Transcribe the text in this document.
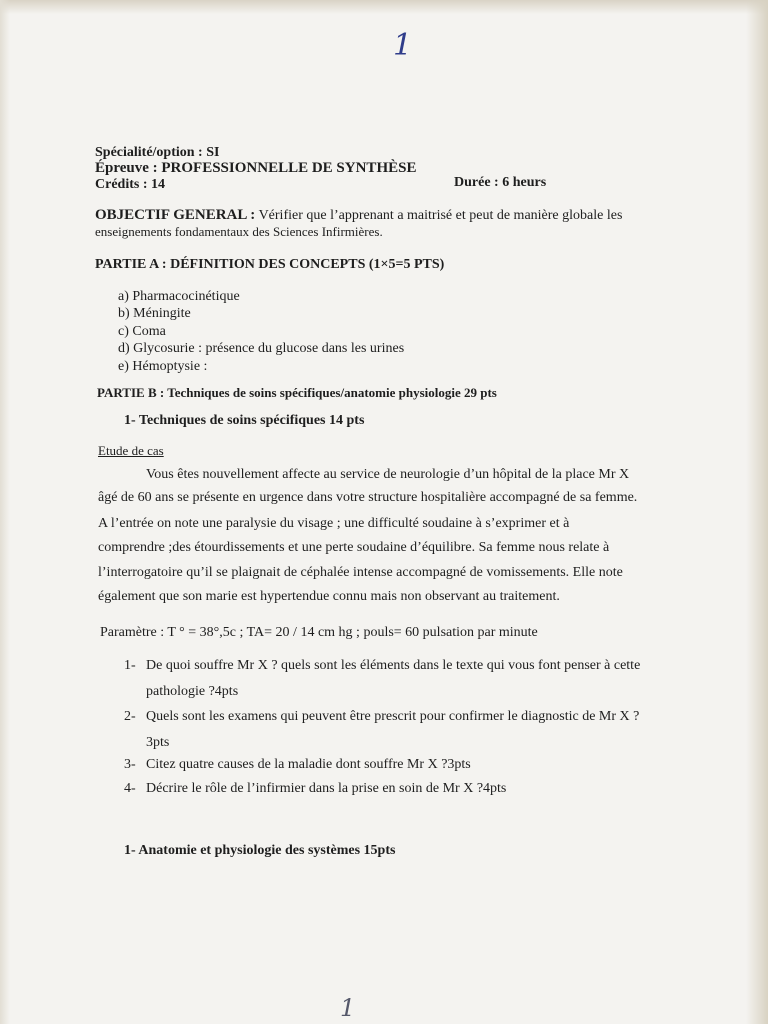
1
Spécialité/option : SI
Épreuve : PROFESSIONNELLE DE SYNTHÈSE
Crédits : 14	Durée : 6 heurs
OBJECTIF GENERAL : Vérifier que l’apprenant a maitrisé et peut de manière globale les
enseignements fondamentaux des Sciences Infirmières.
PARTIE A : DÉFINITION DES CONCEPTS (1×5=5 PTS)
a) Pharmacocinétique
b) Méningite
c) Coma
d) Glycosurie : présence du glucose dans les urines
e) Hémoptysie :
PARTIE B : Techniques de soins spécifiques/anatomie physiologie 29 pts
1- Techniques de soins spécifiques 14 pts
Etude de cas
Vous êtes nouvellement affecte au service de neurologie d’un hôpital de la place Mr X
âgé de 60 ans se présente en urgence dans votre structure hospitalière accompagné de sa femme.
A l’entrée on note une paralysie du visage ; une difficulté soudaine à s’exprimer et à
comprendre ;des étourdissements et une perte soudaine d’équilibre. Sa femme nous relate à
l’interrogatoire qu’il se plaignait de céphalée intense accompagné de vomissements. Elle note
également que son marie est hypertendue connu mais non observant au traitement.
Paramètre : T ° = 38°,5c ; TA= 20 / 14 cm hg ; pouls= 60 pulsation par minute
1- De quoi souffre Mr X ? quels sont les éléments dans le texte qui vous font penser à cette
pathologie ?4pts
2- Quels sont les examens qui peuvent être prescrit pour confirmer le diagnostic de Mr X ?
3pts
3- Citez quatre causes de la maladie dont souffre Mr X ?3pts
4- Décrire le rôle de l’infirmier dans la prise en soin de Mr X ?4pts
1- Anatomie et physiologie des systèmes 15pts
1
